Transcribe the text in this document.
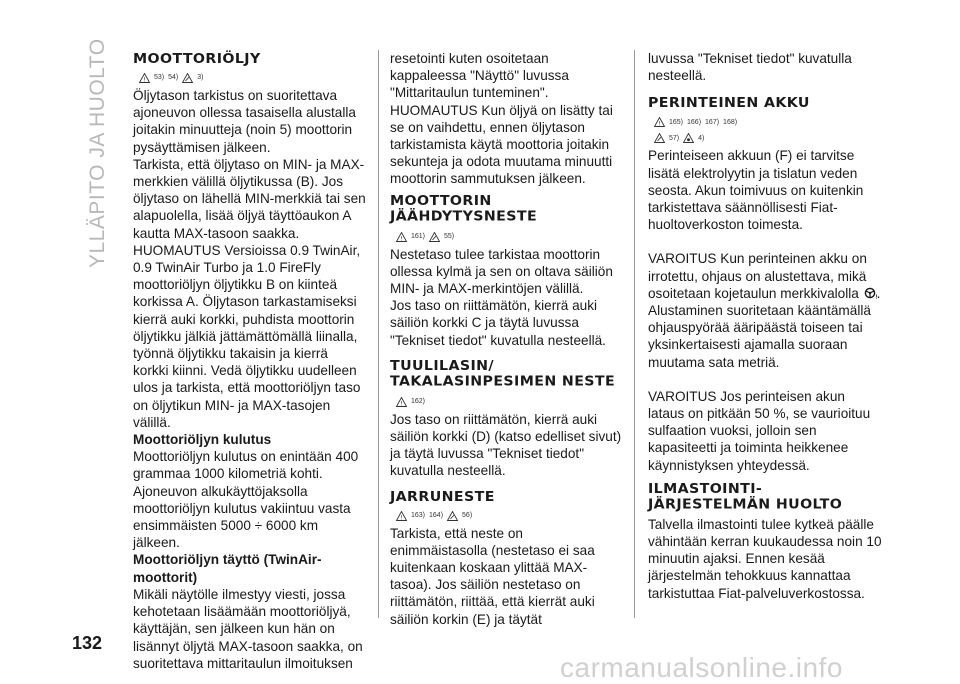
YLLÄPITO JA HUOLTO MOOTTORIÖLJY
! 53) 54)	3)

Öljytason tarkistus on suoritettava ajoneuvon ollessa tasaisella alustalla joitakin minuutteja (noin 5) moottorin pysäyttämisen jälkeen.

Tarkista, että öljytaso on MIN- ja MAX-merkkien välillä öljytikussa (B). Jos öljytaso on lähellä MIN-merkkiä tai sen alapuolella, lisää öljyä täyttöaukon A kautta MAX-tasoon saakka.

HUOMAUTUS Versioissa 0.9 TwinAir, 0.9 TwinAir Turbo ja 1.0 FireFly moottoriöljyn öljytikku B on kiinteä korkissa A. Öljytason tarkastamiseksi kierrä auki korkki, puhdista moottorin öljytikku jälkiä jättämättömällä liinalla, työnnä öljytikku takaisin ja kierrä korkki kiinni. Vedä öljytikku uudelleen ulos ja tarkista, että moottoriöljyn taso on öljytikun MIN- ja MAX-tasojen välillä.

Moottoriöljyn kulutus

Moottoriöljyn kulutus on enintään 400 grammaa 1000 kilometriä kohti. Ajoneuvon alkukäyttöjaksolla moottoriöljyn kulutus vakiintuu vasta ensimmäisten 5000 ÷ 6000 km jälkeen.

Moottoriöljyn täyttö (TwinAir-moottorit)

Mikäli näytölle ilmestyy viesti, jossa kehotetaan lisäämään moottoriöljyä, käyttäjän, sen jälkeen kun hän on lisännyt öljytä MAX-tasoon saakka, on suoritettava mittaritaulun ilmoituksen

resetointi kuten osoitetaan kappaleessa "Näyttö" luvussa "Mittaritaulun tunteminen".

HUOMAUTUS Kun öljyä on lisätty tai se on vaihdettu, ennen öljytason tarkistamista käytä moottoria joitakin sekunteja ja odota muutama minuutti moottorin sammutuksen jälkeen.

MOOTTORIN JÄÄHDYTYSNESTE
! 161)	55)

Nestetaso tulee tarkistaa moottorin ollessa kylmä ja sen on oltava säiliön MIN- ja MAX-merkintöjen välillä.

Jos taso on riittämätön, kierrä auki säiliön korkki C ja täytä luvussa "Tekniset tiedot" kuvatulla nesteellä.

TUULILASIN/ TAKALASINPESIMEN NESTE
! 162)

Jos taso on riittämätön, kierrä auki säiliön korkki (D) (katso edelliset sivut) ja täytä luvussa "Tekniset tiedot" kuvatulla nesteellä.

JARRUNESTE
! 163) 164)	56)

Tarkista, että neste on enimmäistasolla (nestetaso ei saa kuitenkaan koskaan ylittää MAX-tasoa). Jos säiliön nestetaso on riittämätön, riittää, että kierrät auki säiliön korkin (E) ja täytät

luvussa "Tekniset tiedot" kuvatulla nesteellä.

PERINTEINEN AKKU
! 165) 166) 167) 168)
57)	4)

Perinteiseen akkuun (F) ei tarvitse lisätä elektrolyytin ja tislatun veden seosta. Akun toimivuus on kuitenkin tarkistettava säännöllisesti Fiat-huoltoverkoston toimesta.

VAROITUS Kun perinteinen akku on irrotettu, ohjaus on alustettava, mikä osoitetaan kojetaulun merkkivalolla . Alustaminen suoritetaan kääntämällä ohjauspyörää ääripäästä toiseen tai yksinkertaisesti ajamalla suoraan muutama sata metriä.

VAROITUS Jos perinteisen akun lataus on pitkään 50 %, se vaurioituu sulfaation vuoksi, jolloin sen kapasiteetti ja toiminta heikkenee käynnistyksen yhteydessä.

ILMASTOINTI-JÄRJESTELMÄN HUOLTO

Talvella ilmastointi tulee kytkeä päälle vähintään kerran kuukaudessa noin 10 minuutin ajaksi. Ennen kesää järjestelmän tehokkuus kannattaa tarkistuttaa Fiat-palveluverkostossa.

132
carmanualsonline.info
